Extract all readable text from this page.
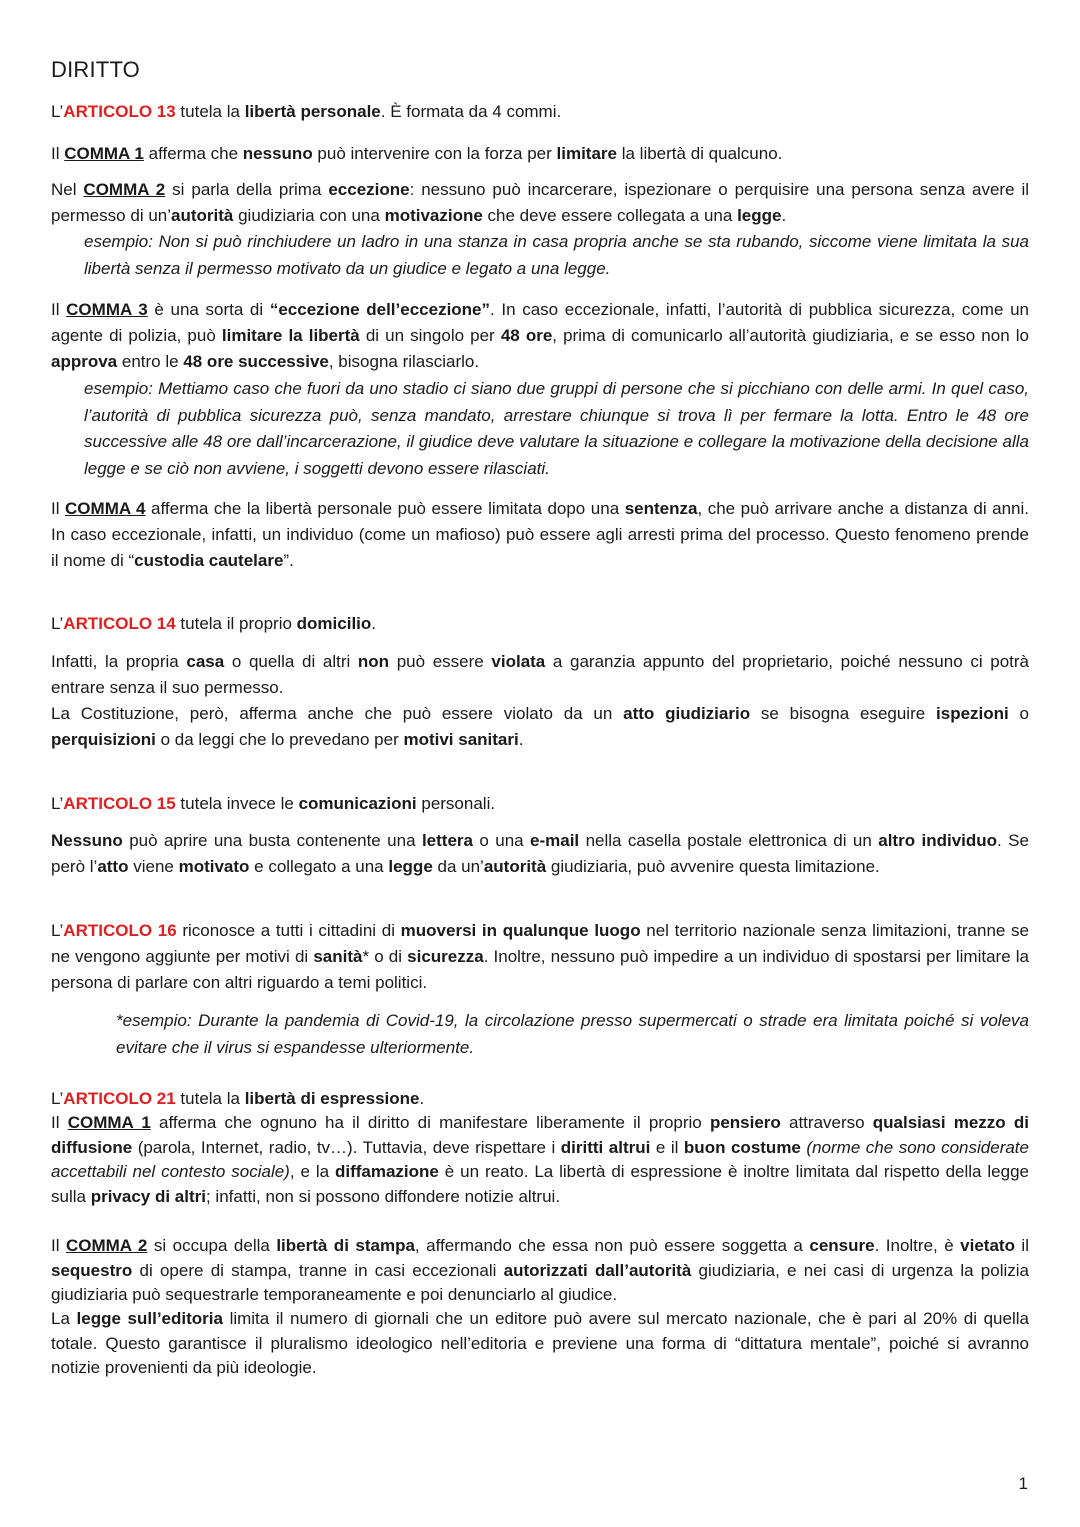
DIRITTO
L’ARTICOLO 13 tutela la libertà personale. È formata da 4 commi.
Il COMMA 1 afferma che nessuno può intervenire con la forza per limitare la libertà di qualcuno.
Nel COMMA 2 si parla della prima eccezione: nessuno può incarcerare, ispezionare o perquisire una persona senza avere il permesso di un’autorità giudiziaria con una motivazione che deve essere collegata a una legge.
esempio: Non si può rinchiudere un ladro in una stanza in casa propria anche se sta rubando, siccome viene limitata la sua libertà senza il permesso motivato da un giudice e legato a una legge.
Il COMMA 3 è una sorta di “eccezione dell’eccezione”. In caso eccezionale, infatti, l’autorità di pubblica sicurezza, come un agente di polizia, può limitare la libertà di un singolo per 48 ore, prima di comunicarlo all’autorità giudiziaria, e se esso non lo approva entro le 48 ore successive, bisogna rilasciarlo.
esempio: Mettiamo caso che fuori da uno stadio ci siano due gruppi di persone che si picchiano con delle armi. In quel caso, l’autorità di pubblica sicurezza può, senza mandato, arrestare chiunque si trova lì per fermare la lotta. Entro le 48 ore successive alle 48 ore dall’incarcerazione, il giudice deve valutare la situazione e collegare la motivazione della decisione alla legge e se ciò non avviene, i soggetti devono essere rilasciati.
Il COMMA 4 afferma che la libertà personale può essere limitata dopo una sentenza, che può arrivare anche a distanza di anni. In caso eccezionale, infatti, un individuo (come un mafioso) può essere agli arresti prima del processo. Questo fenomeno prende il nome di “custodia cautelare”.
L’ARTICOLO 14 tutela il proprio domicilio.
Infatti, la propria casa o quella di altri non può essere violata a garanzia appunto del proprietario, poiché nessuno ci potrà entrare senza il suo permesso.
La Costituzione, però, afferma anche che può essere violato da un atto giudiziario se bisogna eseguire ispezioni o perquisizioni o da leggi che lo prevedano per motivi sanitari.
L’ARTICOLO 15 tutela invece le comunicazioni personali.
Nessuno può aprire una busta contenente una lettera o una e-mail nella casella postale elettronica di un altro individuo. Se però l’atto viene motivato e collegato a una legge da un’autorità giudiziaria, può avvenire questa limitazione.
L’ARTICOLO 16 riconosce a tutti i cittadini di muoversi in qualunque luogo nel territorio nazionale senza limitazioni, tranne se ne vengono aggiunte per motivi di sanità* o di sicurezza. Inoltre, nessuno può impedire a un individuo di spostarsi per limitare la persona di parlare con altri riguardo a temi politici.
*esempio: Durante la pandemia di Covid-19, la circolazione presso supermercati o strade era limitata poiché si voleva evitare che il virus si espandesse ulteriormente.
L’ARTICOLO 21 tutela la libertà di espressione.
Il COMMA 1 afferma che ognuno ha il diritto di manifestare liberamente il proprio pensiero attraverso qualsiasi mezzo di diffusione (parola, Internet, radio, tv…). Tuttavia, deve rispettare i diritti altrui e il buon costume (norme che sono considerate accettabili nel contesto sociale), e la diffamazione è un reato. La libertà di espressione è inoltre limitata dal rispetto della legge sulla privacy di altri; infatti, non si possono diffondere notizie altrui.
Il COMMA 2 si occupa della libertà di stampa, affermando che essa non può essere soggetta a censure. Inoltre, è vietato il sequestro di opere di stampa, tranne in casi eccezionali autorizzati dall’autorità giudiziaria, e nei casi di urgenza la polizia giudiziaria può sequestrarle temporaneamente e poi denunciarlo al giudice.
La legge sull’editoria limita il numero di giornali che un editore può avere sul mercato nazionale, che è pari al 20% di quella totale. Questo garantisce il pluralismo ideologico nell’editoria e previene una forma di “dittatura mentale”, poiché si avranno notizie provenienti da più ideologie.
1
